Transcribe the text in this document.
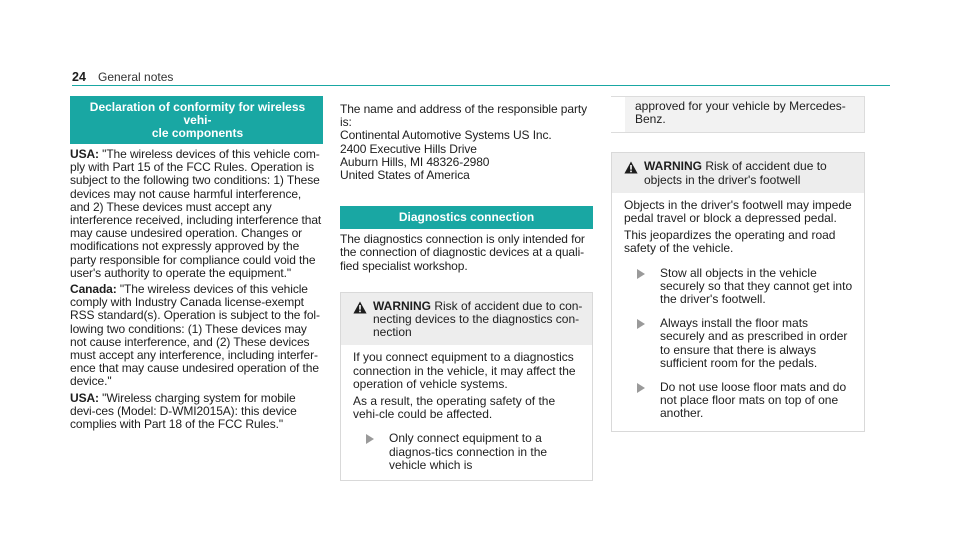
24 General notes
Declaration of conformity for wireless vehi-
cle components

USA: "The wireless devices of this vehicle com-ply with Part 15 of the FCC Rules. Operation is subject to the following two conditions: 1) These devices may not cause harmful interference, and 2) These devices must accept any interference received, including interference that may cause undesired operation. Changes or modifications not expressly approved by the party responsible for compliance could void the user's authority to operate the equipment."

Canada: "The wireless devices of this vehicle comply with Industry Canada license-exempt RSS standard(s). Operation is subject to the fol-lowing two conditions: (1) These devices may not cause interference, and (2) These devices must accept any interference, including interfer-ence that may cause undesired operation of the device."

USA: "Wireless charging system for mobile devi-ces (Model: D-WMI2015A): this device complies with Part 18 of the FCC Rules."

The name and address of the responsible party is:

Continental Automotive Systems US Inc.

2400 Executive Hills Drive

Auburn Hills, MI 48326-2980

United States of America

Diagnostics connection

The diagnostics connection is only intended for the connection of diagnostic devices at a quali-fied specialist workshop.

WARNING Risk of accident due to con-necting devices to the diagnostics con-nection

If you connect equipment to a diagnostics connection in the vehicle, it may affect the operation of vehicle systems.

As a result, the operating safety of the vehi-cle could be affected.

Only connect equipment to a diagnos-tics connection in the vehicle which is
approved for your vehicle by Mercedes-Benz.
WARNING Risk of accident due to objects in the driver's footwell

Objects in the driver's footwell may impede pedal travel or block a depressed pedal.

This jeopardizes the operating and road safety of the vehicle.

Stow all objects in the vehicle securely so that they cannot get into the driver's footwell.
Always install the floor mats securely and as prescribed in order to ensure that there is always sufficient room for the pedals.
Do not use loose floor mats and do not place floor mats on top of one another.
